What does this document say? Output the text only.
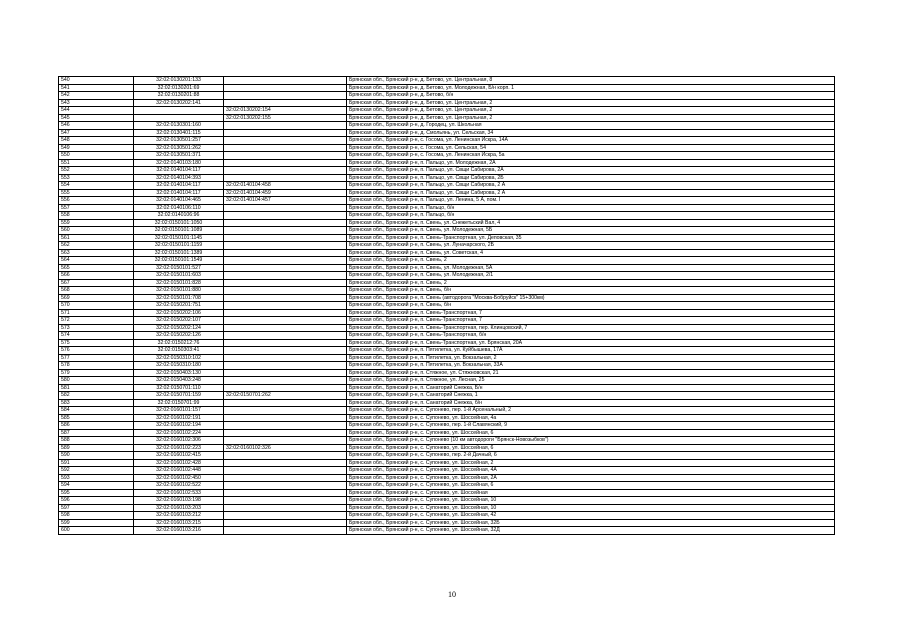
540	32:02:0130201:133		Брянская обл., Брянский р-н, д. Бетово, ул. Центральная, 8
541	32:02:0130201:69		Брянская обл., Брянский р-н, д. Бетово, ул. Молодежная, Б/н корп. 1
542	32:02:0130201:88		Брянская обл., Брянский р-н, д. Бетово, б/н
543	32:02:0130202:141		Брянская обл., Брянский р-н, д. Бетово, ул. Центральная, 2
544		32:02:0130202:154	Брянская обл., Брянский р-н, д. Бетово, ул. Центральная, 2
545		32:02:0130202:155	Брянская обл., Брянский р-н, д. Бетово, ул. Центральная, 2
546	32:02:0130301:160		Брянская обл., Брянский р-н, д. Городец, ул. Школьная
547	32:02:0130401:115		Брянская обл., Брянский р-н, д. Смольянь, ул. Сельская, 34
548	32:02:0130501:257		Брянская обл., Брянский р-н, с. Госома, ул. Ленинская Искра, 14А
549	32:02:0130501:262		Брянская обл., Брянский р-н, с. Госома, ул. Сельская, 54
550	32:02:0130501:371		Брянская обл., Брянский р-н, с. Госома, ул. Ленинская Искра, 5а
551	32:02:0140103:180		Брянская обл., Брянский р-н, п. Пальцо, ул. Молодежная, 2А
552	32:02:0140104:117		Брянская обл., Брянский р-н, п. Пальцо, ул. Свщи Сабирова, 2А
553	32:02:0140104:393		Брянская обл., Брянский р-н, п. Пальцо, ул. Свщи Сабирова, 2Б
554	32:02:0140104:117	32:02:0140104:458	Брянская обл., Брянский р-н, п. Пальцо, ул. Свщи Сабирова, 2 А
555	32:02:0140104:117	32:02:0140104:459	Брянская обл., Брянский р-н, п. Пальцо, ул. Свщи Сабирова, 2 А
556	32:02:0140104:465	32:02:0140104:457	Брянская обл., Брянский р-н, п. Пальцо, ул. Ленина, 5 А, пом. I
557	32:02:0140106:110		Брянская обл., Брянский р-н, п. Пальцо, б/н
558	32:02:0140106:96		Брянская обл., Брянский р-н, п. Пальцо, б/н
559	32:02:0150101:1050		Брянская обл., Брянский р-н, п. Свень, ул. Снежетьский Вал, 4
560	32:02:0150101:1089		Брянская обл., Брянский р-н, п. Свень, ул. Молодежная, 5Б
561	32:02:0150101:1145		Брянская обл., Брянский р-н, п. Свень-Транспортная, ул. Деповская, 35
562	32:02:0150101:1159		Брянская обл., Брянский р-н, п. Свень, ул. Луначарского, 2Б
563	32:02:0150101:1389		Брянская обл., Брянский р-н, п. Свень, ул. Советская, 4
564	32:02:0150101:1549		Брянская обл., Брянский р-н, п. Свень, 2
565	32:02:0150101:527		Брянская обл., Брянский р-н, п. Свень, ул. Молодежная, 5А
566	32:02:0150101:603		Брянская обл., Брянский р-н, п. Свень, ул. Молодежная, 2/1
567	32:02:0150101:828		Брянская обл., Брянский р-н, п. Свень, 2
568	32:02:0150101:880		Брянская обл., Брянский р-н, п. Свень, б/н
569	32:02:0150101:708		Брянская обл., Брянский р-н, п. Свень (автодорога "Москва-Бобруйск" 15+300км)
570	32:02:0150201:751		Брянская обл., Брянский р-н, п. Свень, б/н
571	32:02:0150202:106		Брянская обл., Брянский р-н, п. Свень-Транспортная, 7
572	32:02:0150202:107		Брянская обл., Брянский р-н, п. Свень-Транспортная, 7
573	32:02:0150202:124		Брянская обл., Брянский р-н, п. Свень-Транспортная, пер. Клинцовский, 7
574	32:02:0150202:126		Брянская обл., Брянский р-н, п. Свень-Транспортная, б/н
575	32:02:0150212:76		Брянская обл., Брянский р-н, п. Свень-Транспортная, ул. Брянская, 20А
576	32:02:0150303:41		Брянская обл., Брянский р-н, п. Пятилетка, ул. Куйбышева, 17А
577	32:02:0150310:102		Брянская обл., Брянский р-н, п. Пятилетка, ул. Вокзальная, 2
578	32:02:0150310:180		Брянская обл., Брянский р-н, п. Пятилетка, ул. Вокзальная, 33А
579	32:02:0150403:130		Брянская обл., Брянский р-н, п. Стяжное, ул. Стяжновская, 21
580	32:02:0150403:248		Брянская обл., Брянский р-н, п. Стяжное, ул. Лесная, 25
581	32:02:0150701:110		Брянская обл., Брянский р-н, п. Санаторий Снежка, Б/н
582	32:02:0150701:159	32:02:0150701:262	Брянская обл., Брянский р-н, п. Санаторий Снежка, 1
583	32:02:0150701:99		Брянская обл., Брянский р-н, п. Санаторий Снежка, б/н
584	32:02:0160101:157		Брянская обл., Брянский р-н, с. Супонево, пер. 1-й Арсенальный, 2
585	32:02:0160102:191		Брянская обл., Брянский р-н, с. Супонево, ул. Шоссейная, 4а
586	32:02:0160102:194		Брянская обл., Брянский р-н, с. Супонево, пер. 1-й Славянский, 9
587	32:02:0160102:224		Брянская обл., Брянский р-н, с. Супонево, ул. Шоссейная, 6
588	32:02:0160102:306		Брянская обл., Брянский р-н, с. Супонево (10 км автодороги "Брянск-Новозыбков")
589	32:02:0160102:223	32:02:0160102:326	Брянская обл., Брянский р-н, с. Супонево, ул. Шоссейная, 6
590	32:02:0160102:415		Брянская обл., Брянский р-н, с. Супонево, пер. 2-й Дачный, 6
591	32:02:0160102:428		Брянская обл., Брянский р-н, с. Супонево, ул. Шоссейная, 2
592	32:02:0160102:448		Брянская обл., Брянский р-н, с. Супонево, ул. Шоссейная, 4А
593	32:02:0160102:450		Брянская обл., Брянский р-н, с. Супонево, ул. Шоссейная, 2А
594	32:02:0160102:522		Брянская обл., Брянский р-н, с. Супонево, ул. Шоссейная, 6
595	32:02:0160102:533		Брянская обл., Брянский р-н, с. Супонево, ул. Шоссейная
596	32:02:0160103:198		Брянская обл., Брянский р-н, с. Супонево, ул. Шоссейная, 10
597	32:02:0160103:203		Брянская обл., Брянский р-н, с. Супонево, ул. Шоссейная, 10
598	32:02:0160103:212		Брянская обл., Брянский р-н, с. Супонево, ул. Шоссейная, 42
599	32:02:0160103:215		Брянская обл., Брянский р-н, с. Супонево, ул. Шоссейная, 32Б
600	32:02:0160103:216		Брянская обл., Брянский р-н, с. Супонево, ул. Шоссейная, 32Д
10
